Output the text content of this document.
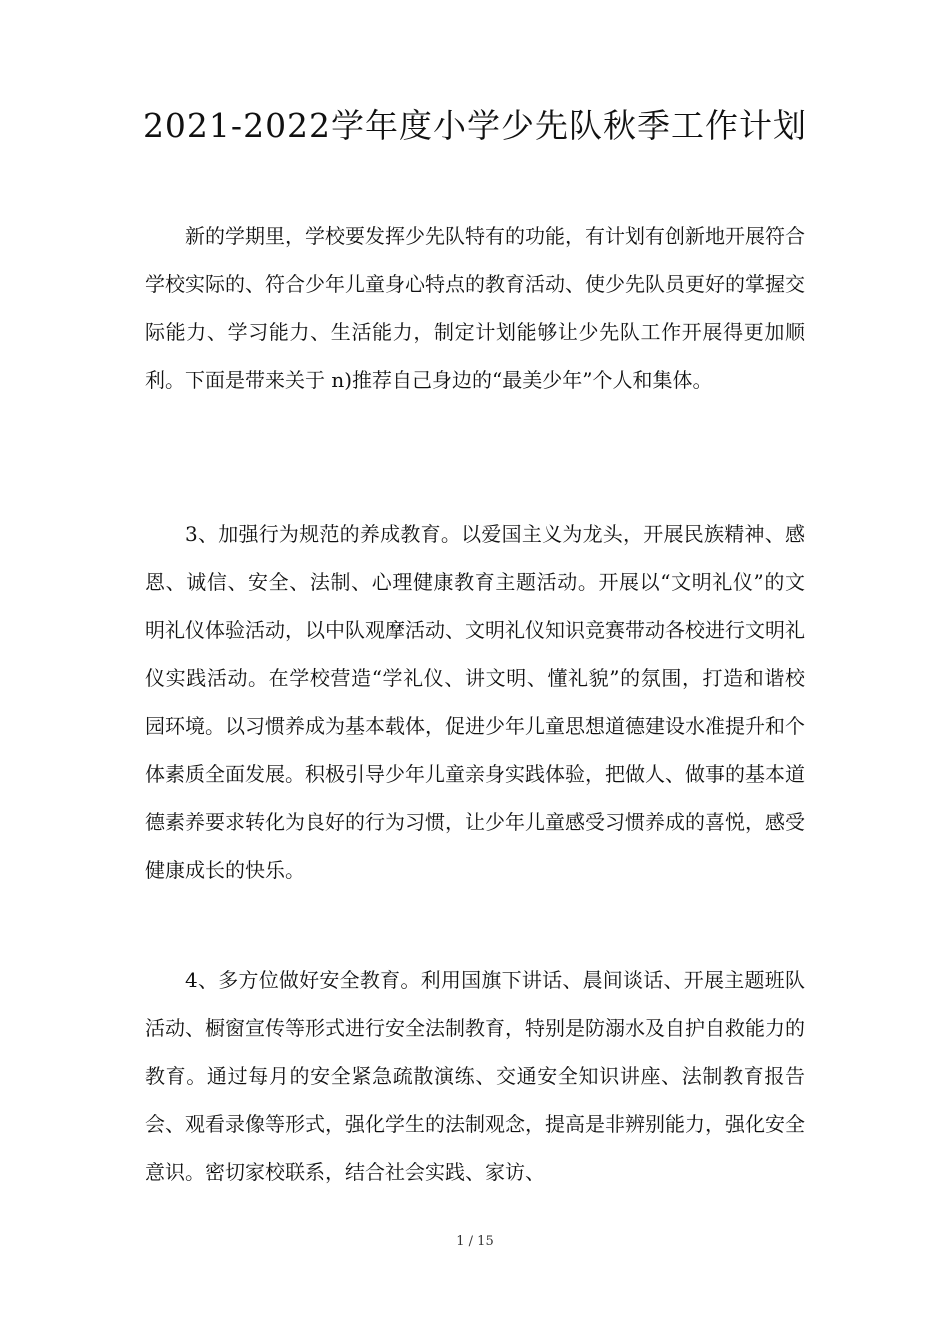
2021-2022学年度小学少先队秋季工作计划

新的学期里，学校要发挥少先队特有的功能，有计划有创新地开展符合学校实际的、符合少年儿童身心特点的教育活动、使少先队员更好的掌握交际能力、学习能力、生活能力，制定计划能够让少先队工作开展得更加顺利。下面是带来关于 n)推荐自己身边的“最美少年”个人和集体。

3、加强行为规范的养成教育。以爱国主义为龙头，开展民族精神、感恩、诚信、安全、法制、心理健康教育主题活动。开展以“文明礼仪”的文明礼仪体验活动，以中队观摩活动、文明礼仪知识竞赛带动各校进行文明礼仪实践活动。在学校营造“学礼仪、讲文明、懂礼貌”的氛围，打造和谐校园环境。以习惯养成为基本载体，促进少年儿童思想道德建设水准提升和个体素质全面发展。积极引导少年儿童亲身实践体验，把做人、做事的基本道德素养要求转化为良好的行为习惯，让少年儿童感受习惯养成的喜悦，感受健康成长的快乐。

4、多方位做好安全教育。利用国旗下讲话、晨间谈话、开展主题班队活动、橱窗宣传等形式进行安全法制教育，特别是防溺水及自护自救能力的教育。通过每月的安全紧急疏散演练、交通安全知识讲座、法制教育报告会、观看录像等形式，强化学生的法制观念，提高是非辨别能力，强化安全意识。密切家校联系，结合社会实践、家访、

1 / 15
